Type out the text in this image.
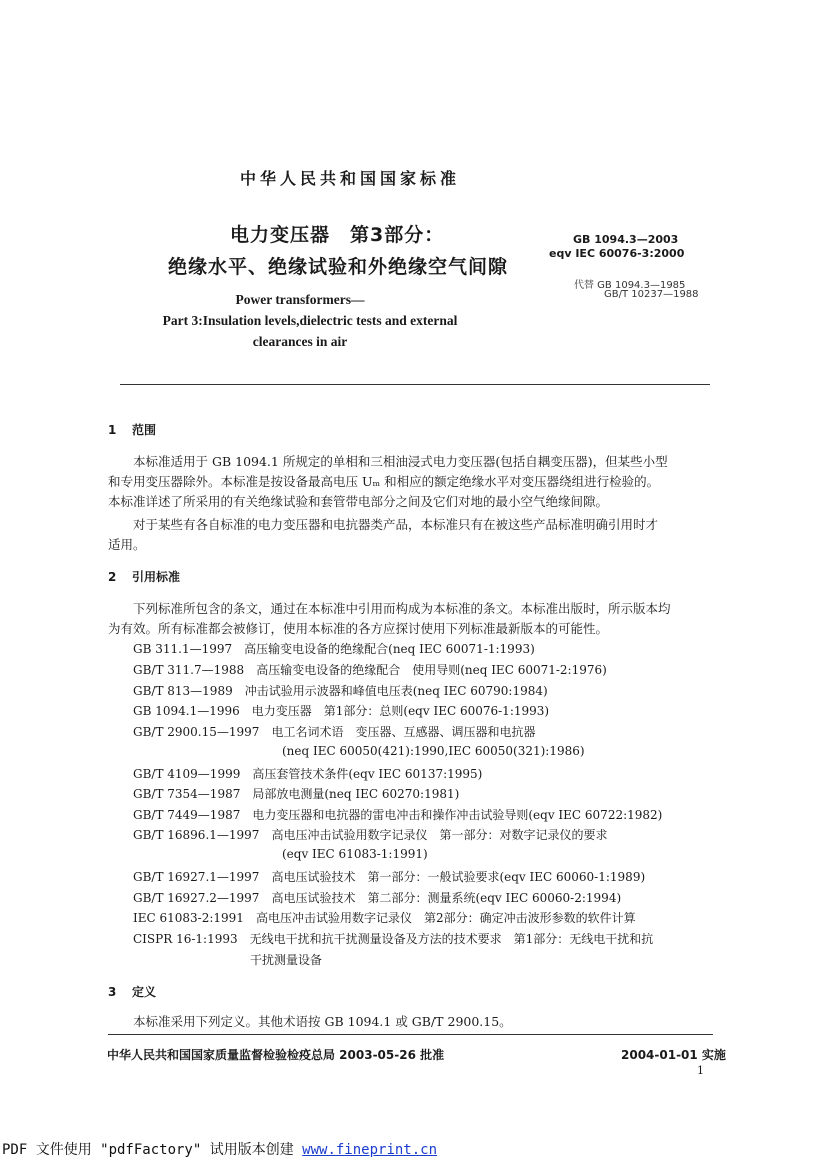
中华人民共和国国家标准
电力变压器　第3部分：
绝缘水平、绝缘试验和外绝缘空气间隙
GB 1094.3—2003
eqv IEC 60076-3:2000
代替 GB 1094.3—1985
GB/T 10237—1988
Power transformers—
Part 3:Insulation levels,dielectric tests and external
clearances in air
1 范围
　　本标准适用于 GB 1094.1 所规定的单相和三相油浸式电力变压器(包括自耦变压器)，但某些小型
和专用变压器除外。本标准是按设备最高电压 Uₘ 和相应的额定绝缘水平对变压器绕组进行检验的。
本标准详述了所采用的有关绝缘试验和套管带电部分之间及它们对地的最小空气绝缘间隙。
　　对于某些有各自标准的电力变压器和电抗器类产品，本标准只有在被这些产品标准明确引用时才
适用。
2 引用标准
　　下列标准所包含的条文，通过在本标准中引用而构成为本标准的条文。本标准出版时，所示版本均
为有效。所有标准都会被修订，使用本标准的各方应探讨使用下列标准最新版本的可能性。
GB 311.1—1997　 高压输变电设备的绝缘配合(neq IEC 60071-1:1993)
GB/T 311.7—1988　 高压输变电设备的绝缘配合　使用导则(neq IEC 60071-2:1976)
GB/T 813—1989　 冲击试验用示波器和峰值电压表(neq IEC 60790:1984)
GB 1094.1—1996　 电力变压器　第1部分：总则(eqv IEC 60076-1:1993)
GB/T 2900.15—1997　 电工名词术语　变压器、互感器、调压器和电抗器
(neq IEC 60050(421):1990,IEC 60050(321):1986)
GB/T 4109—1999　 高压套管技术条件(eqv IEC 60137:1995)
GB/T 7354—1987　 局部放电测量(neq IEC 60270:1981)
GB/T 7449—1987　 电力变压器和电抗器的雷电冲击和操作冲击试验导则(eqv IEC 60722:1982)
GB/T 16896.1—1997　 高电压冲击试验用数字记录仪　第一部分：对数字记录仪的要求
(eqv IEC 61083-1:1991)
GB/T 16927.1—1997　 高电压试验技术　第一部分：一般试验要求(eqv IEC 60060-1:1989)
GB/T 16927.2—1997　 高电压试验技术　第二部分：测量系统(eqv IEC 60060-2:1994)
IEC 61083-2:1991　 高电压冲击试验用数字记录仪　第2部分：确定冲击波形参数的软件计算
CISPR 16-1:1993　 无线电干扰和抗干扰测量设备及方法的技术要求　第1部分：无线电干扰和抗
干扰测量设备
3 定义
　　本标准采用下列定义。其他术语按 GB 1094.1 或 GB/T 2900.15。
中华人民共和国国家质量监督检验检疫总局 2003-05-26 批准	2004-01-01 实施
1
PDF 文件使用 "pdfFactory" 试用版本创建 www.fineprint.cn
